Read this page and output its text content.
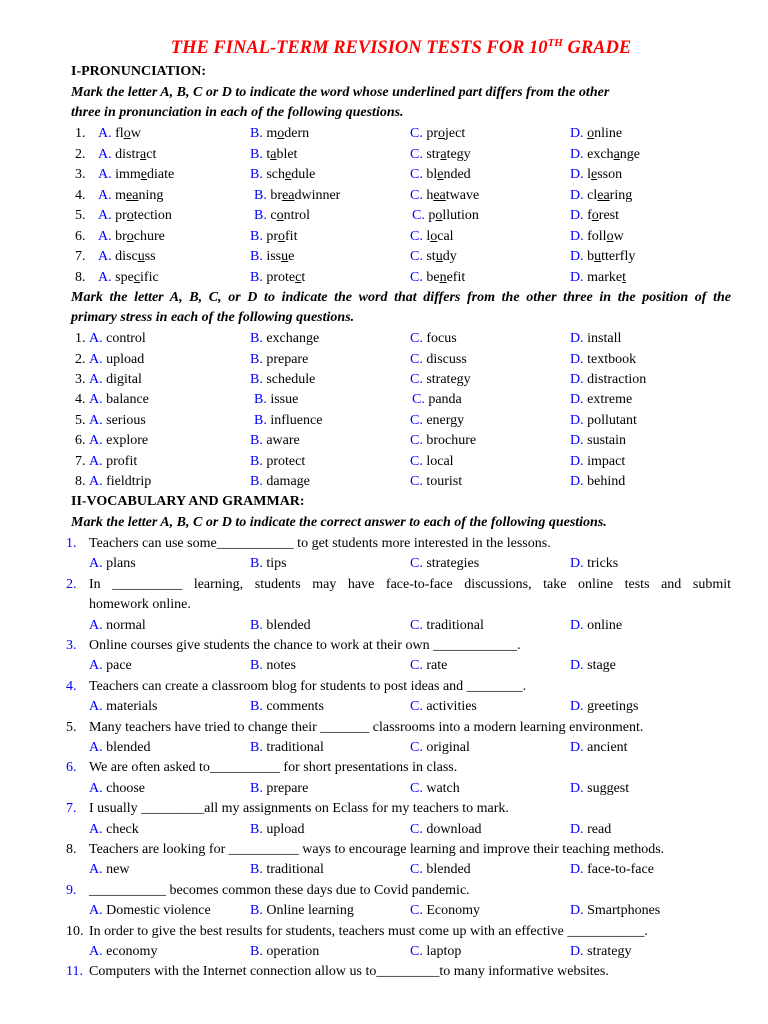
THE FINAL-TERM REVISION TESTS FOR 10TH GRADE
I-PRONUNCIATION:
Mark the letter A, B, C or D to indicate the word whose underlined part differs from the other
three in pronunciation in each of the following questions.
1. A. flow	B. modern	C. project	D. online
2. A. distract	B. tablet	C. strategy	D. exchange
3. A. immediate	B. schedule	C. blended	D. lesson
4. A. meaning	B. breadwinner	C. heatwave	D. clearing
5. A. protection	B. control	C. pollution	D. forest
6. A. brochure	B. profit	C. local	D. follow
7. A. discuss	B. issue	C. study	D. butterfly
8. A. specific	B. protect	C. benefit	D. market
Mark the letter A, B, C, or D to indicate the word that differs from the other three in the position of the
primary stress in each of the following questions.
1. A. control	B. exchange	C. focus	D. install
2. A. upload	B. prepare	C. discuss	D. textbook
3. A. digital	B. schedule	C. strategy	D. distraction
4. A. balance	B. issue	C. panda	D. extreme
5. A. serious	B. influence	C. energy	D. pollutant
6. A. explore	B. aware	C. brochure	D. sustain
7. A. profit	B. protect	C. local	D. impact
8. A. fieldtrip	B. damage	C. tourist	D. behind
II-VOCABULARY AND GRAMMAR:
Mark the letter A, B, C or D to indicate the correct answer to each of the following questions.
1. Teachers can use some___________ to get students more interested in the lessons.
A. plans	B. tips	C. strategies	D. tricks
2. In __________ learning, students may have face-to-face discussions, take online tests and submit
homework online.
A. normal	B. blended	C. traditional	D. online
3. Online courses give students the chance to work at their own ____________.
A. pace	B. notes	C. rate	D. stage
4. Teachers can create a classroom blog for students to post ideas and ________.
A. materials	B. comments	C. activities	D. greetings
5. Many teachers have tried to change their _______ classrooms into a modern learning environment.
A. blended	B. traditional	C. original	D. ancient
6. We are often asked to__________ for short presentations in class.
A. choose	B. prepare	C. watch	D. suggest
7. I usually _________all my assignments on Eclass for my teachers to mark.
A. check	B. upload	C. download	D. read
8. Teachers are looking for __________ ways to encourage learning and improve their teaching methods.
A. new	B. traditional	C. blended	D. face-to-face
9. ___________ becomes common these days due to Covid pandemic.
A. Domestic violence	B. Online learning	C. Economy	D. Smartphones
10. In order to give the best results for students, teachers must come up with an effective ___________.
A. economy	B. operation	C. laptop	D. strategy
11. Computers with the Internet connection allow us to_________to many informative websites.
